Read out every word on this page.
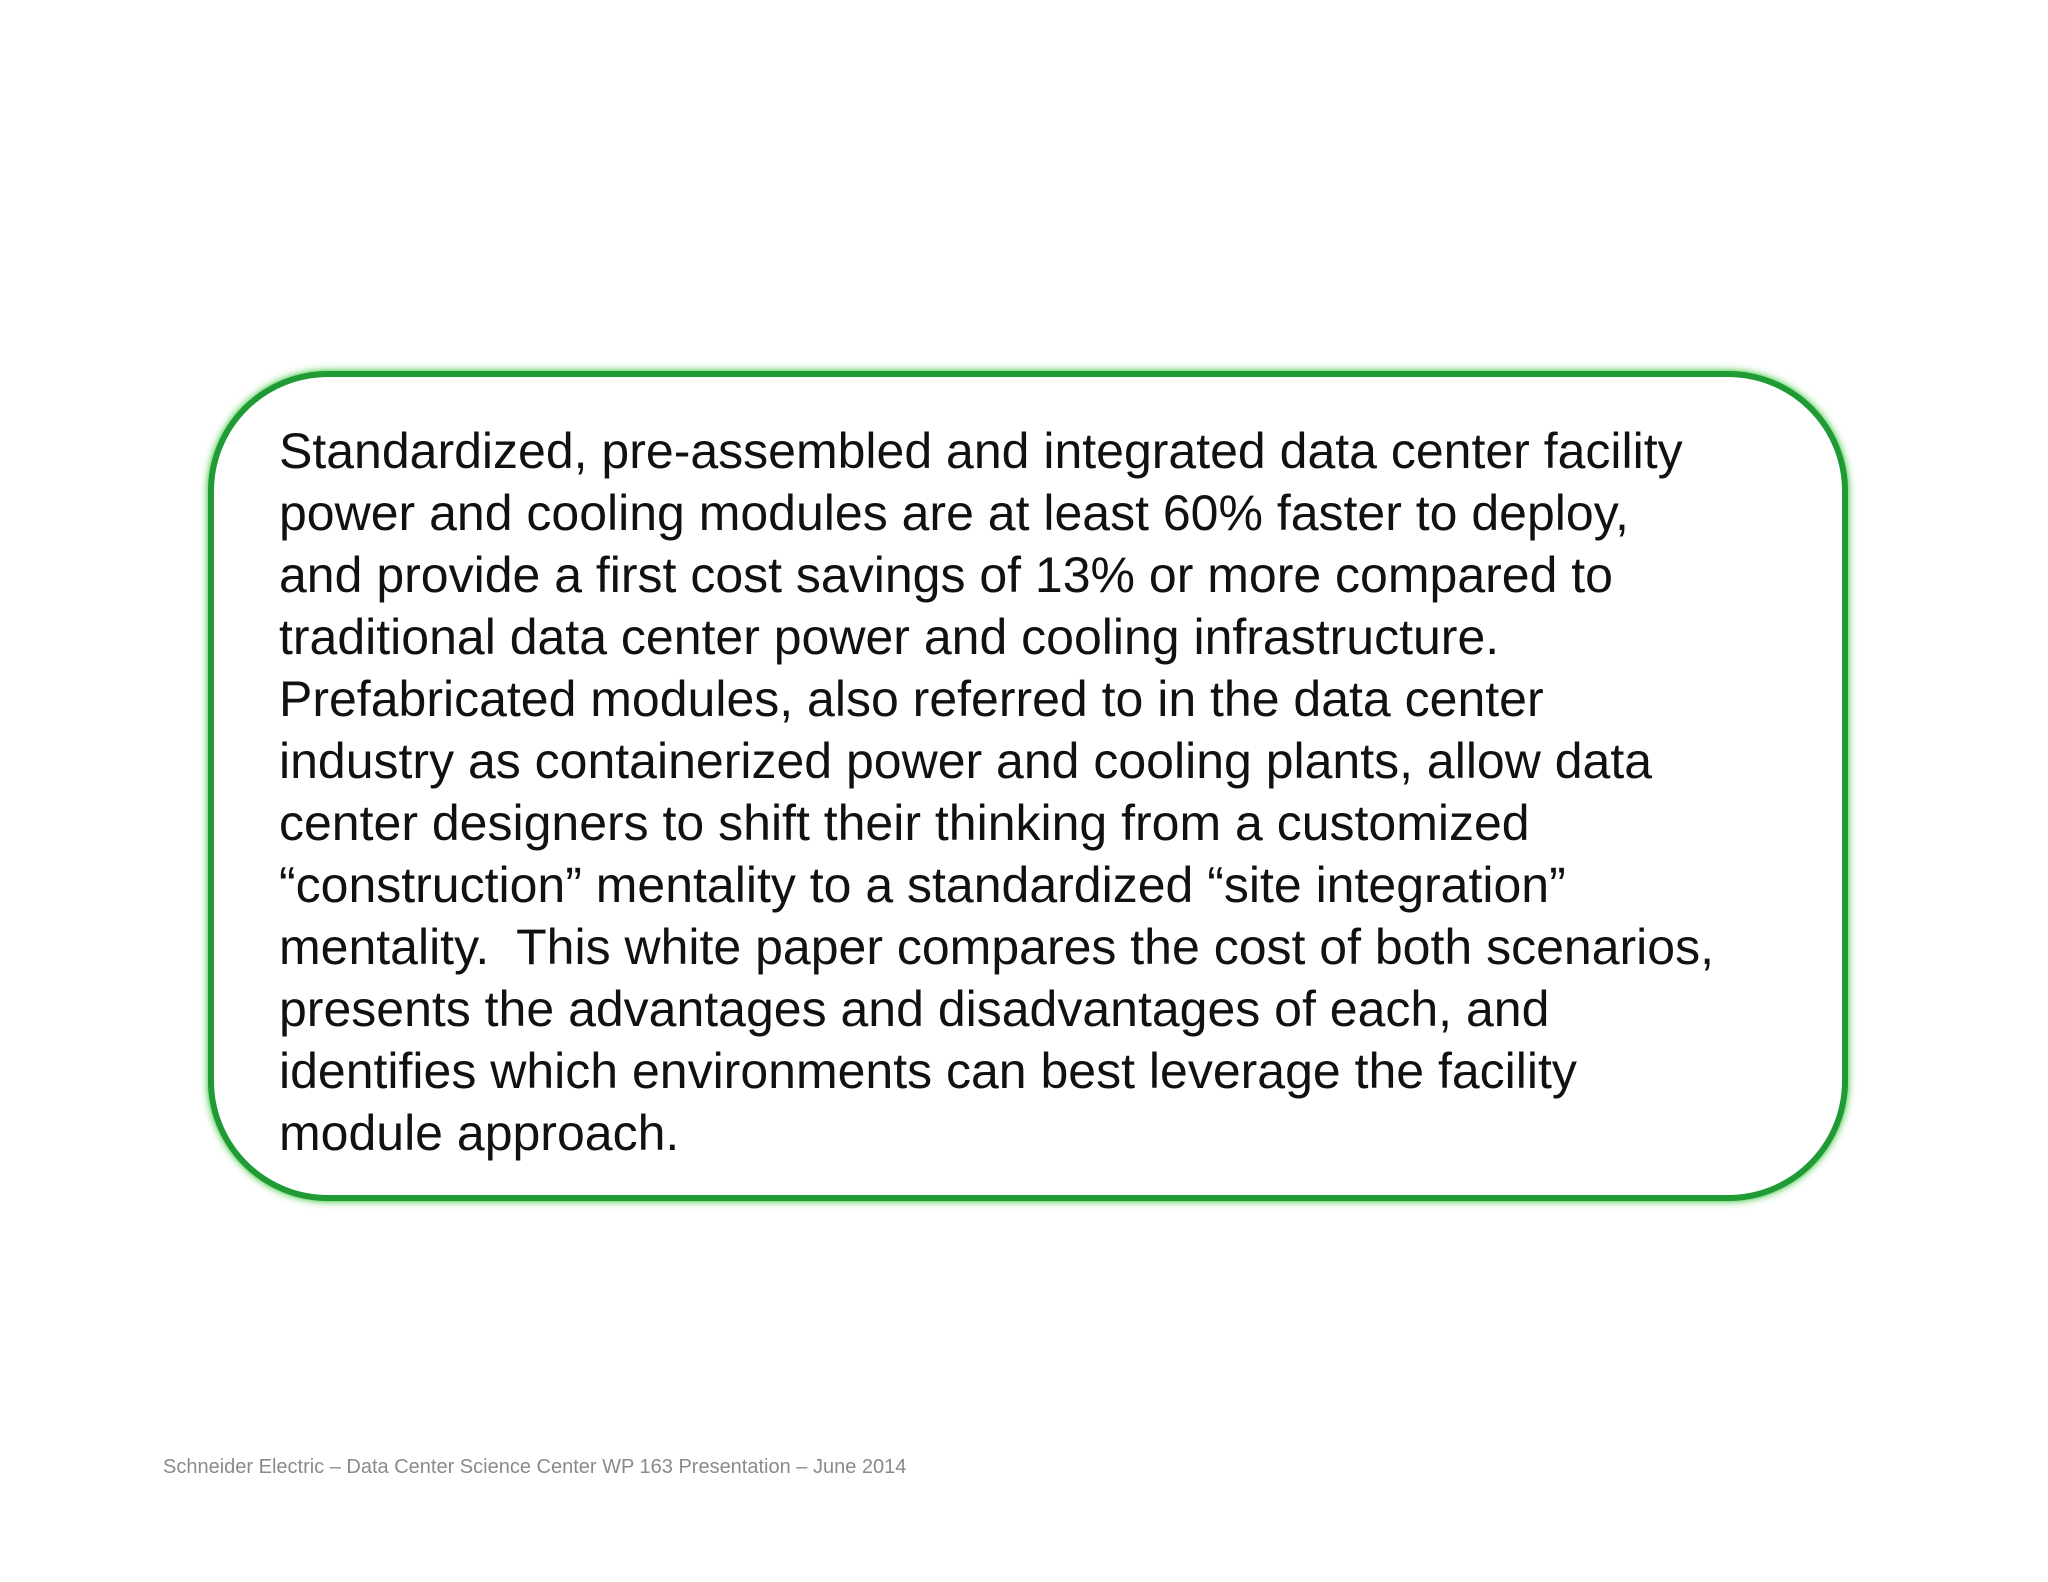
Standardized, pre-assembled and integrated data center facility
power and cooling modules are at least 60% faster to deploy,
and provide a first cost savings of 13% or more compared to
traditional data center power and cooling infrastructure.
Prefabricated modules, also referred to in the data center
industry as containerized power and cooling plants, allow data
center designers to shift their thinking from a customized
“construction” mentality to a standardized “site integration”
mentality.  This white paper compares the cost of both scenarios,
presents the advantages and disadvantages of each, and
identifies which environments can best leverage the facility
module approach.

Schneider Electric – Data Center Science Center WP 163 Presentation – June 2014
